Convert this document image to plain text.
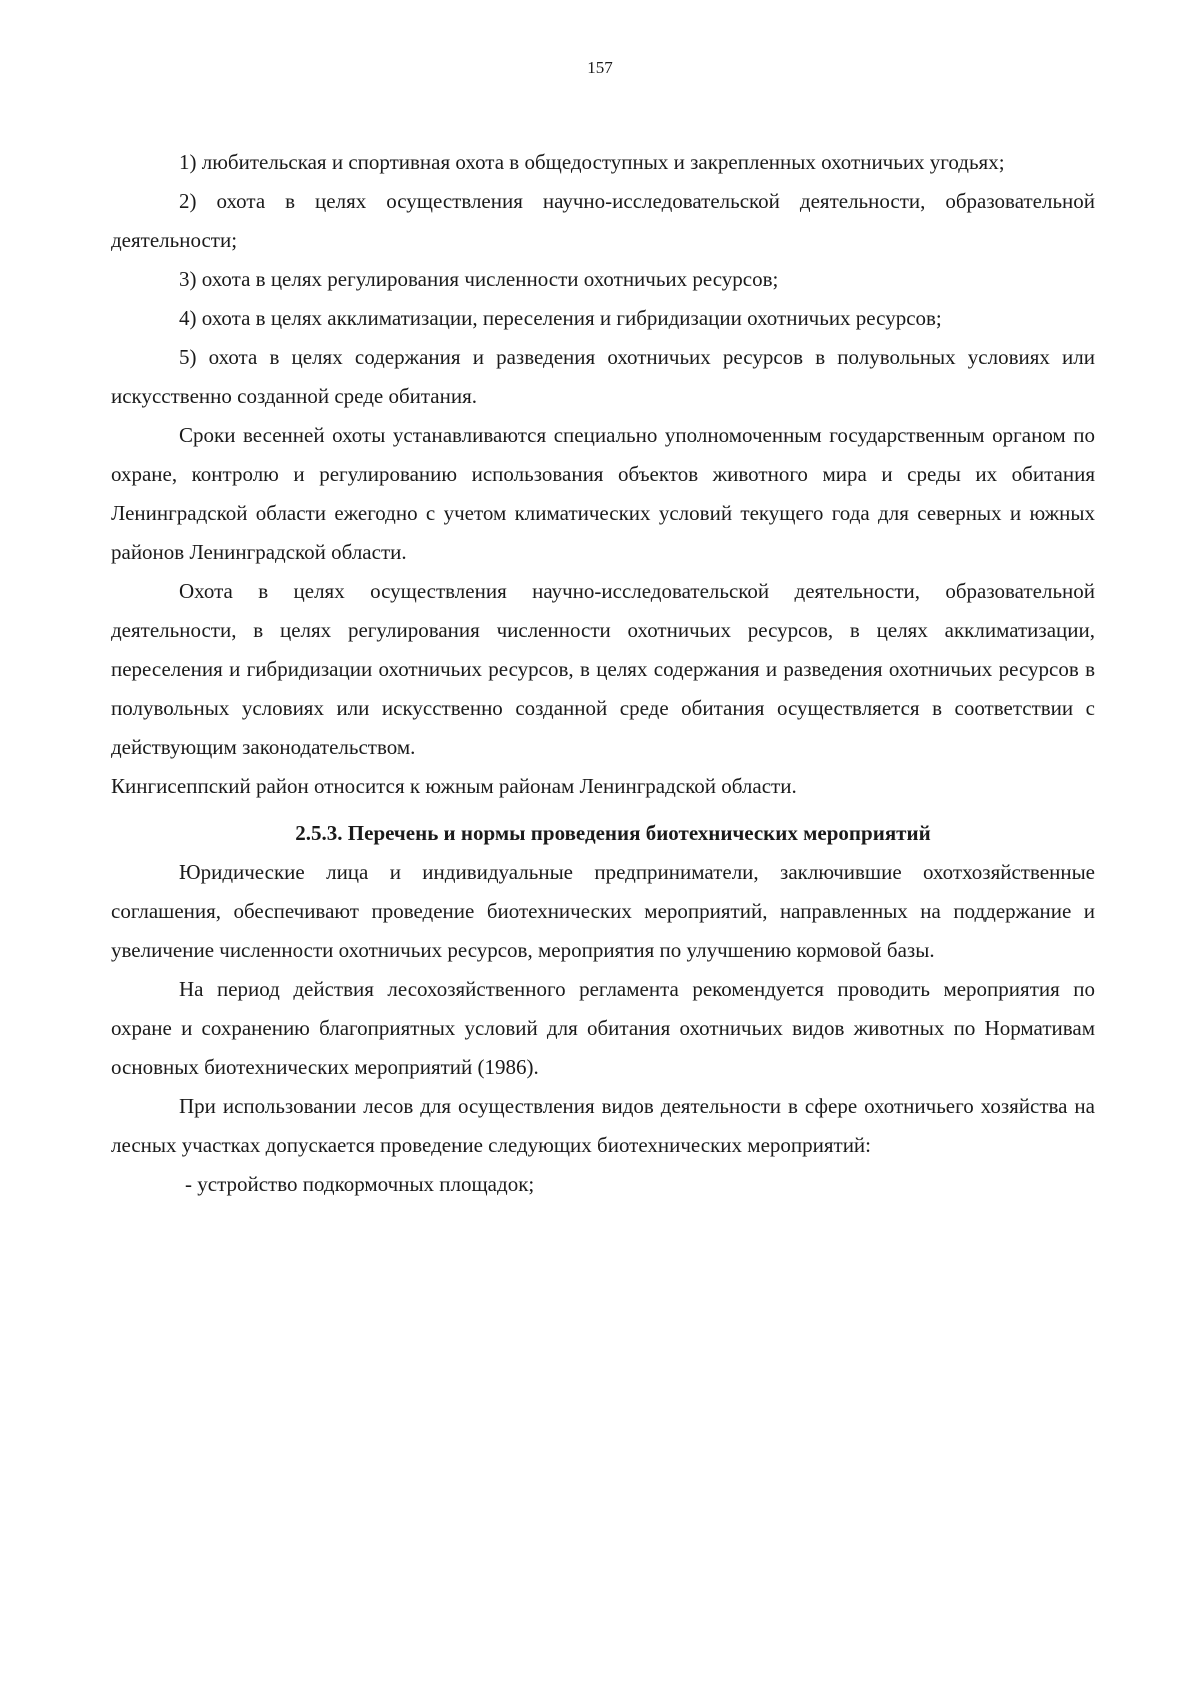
157

1) любительская и спортивная охота в общедоступных и закрепленных охотничьих угодьях;

2) охота в целях осуществления научно-исследовательской деятельности, образовательной деятельности;

3) охота в целях регулирования численности охотничьих ресурсов;

4) охота в целях акклиматизации, переселения и гибридизации охотничьих ресурсов;

5) охота в целях содержания и разведения охотничьих ресурсов в полувольных условиях или искусственно созданной среде обитания.

Сроки весенней охоты устанавливаются специально уполномоченным государственным органом по охране, контролю и регулированию использования объектов животного мира и среды их обитания Ленинградской области ежегодно с учетом климатических условий текущего года для северных и южных районов Ленинградской области.

Охота в целях осуществления научно-исследовательской деятельности, образовательной деятельности, в целях регулирования численности охотничьих ресурсов, в целях акклиматизации, переселения и гибридизации охотничьих ресурсов, в целях содержания и разведения охотничьих ресурсов в полувольных условиях или искусственно созданной среде обитания осуществляется в соответствии с действующим законодательством.

Кингисеппский район относится к южным районам Ленинградской области.

2.5.3. Перечень и нормы проведения биотехнических мероприятий

Юридические лица и индивидуальные предприниматели, заключившие охотхозяйственные соглашения, обеспечивают проведение биотехнических мероприятий, направленных на поддержание и увеличение численности охотничьих ресурсов, мероприятия по улучшению кормовой базы.

На период действия лесохозяйственного регламента рекомендуется проводить мероприятия по охране и сохранению благоприятных условий для обитания охотничьих видов животных по Нормативам основных биотехнических мероприятий (1986).

При использовании лесов для осуществления видов деятельности в сфере охотничьего хозяйства на лесных участках допускается проведение следующих биотехнических мероприятий:

- устройство подкормочных площадок;
